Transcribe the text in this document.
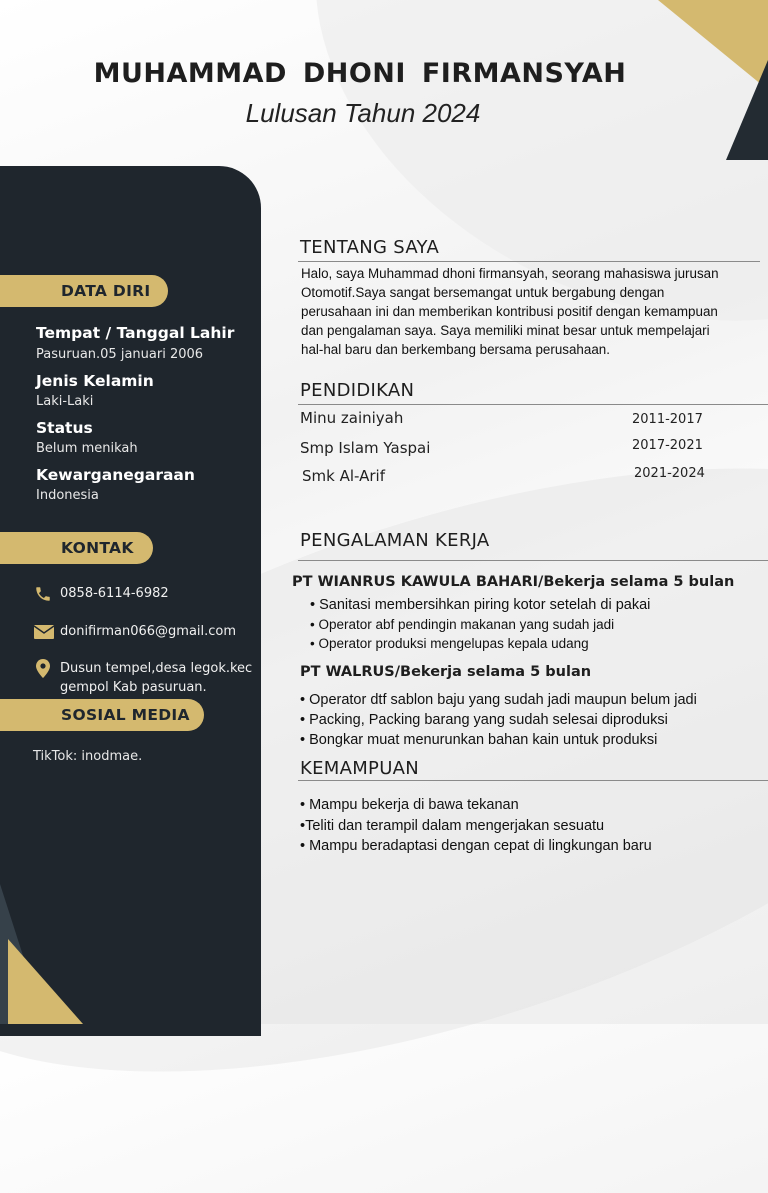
MUHAMMAD DHONI FIRMANSYAH
Lulusan Tahun 2024
DATA DIRI
Tempat / Tanggal Lahir
Pasuruan.05 januari 2006
Jenis Kelamin
Laki-Laki
Status
Belum menikah
Kewarganegaraan
Indonesia
KONTAK
0858-6114-6982
donifirman066@gmail.com
Dusun tempel,desa legok.kec gempol Kab pasuruan.
SOSIAL MEDIA
TikTok: inodmae.
TENTANG SAYA
Halo, saya Muhammad dhoni firmansyah, seorang mahasiswa jurusan Otomotif.Saya sangat bersemangat untuk bergabung dengan perusahaan ini dan memberikan kontribusi positif dengan kemampuan dan pengalaman saya. Saya memiliki minat besar untuk mempelajari hal-hal baru dan berkembang bersama perusahaan.
PENDIDIKAN
Minu zainiyah	2011-2017
Smp Islam Yaspai	2017-2021
Smk Al-Arif	2021-2024
PENGALAMAN KERJA
PT WIANRUS KAWULA BAHARI/Bekerja selama 5 bulan
• Sanitasi membersihkan piring kotor setelah di pakai
• Operator abf pendingin makanan yang sudah jadi
• Operator produksi mengelupas kepala udang
PT WALRUS/Bekerja selama 5 bulan
• Operator dtf sablon baju yang sudah jadi maupun belum jadi
• Packing, Packing barang yang sudah selesai diproduksi
• Bongkar muat menurunkan bahan kain untuk produksi
KEMAMPUAN
• Mampu bekerja di bawa tekanan
•Teliti dan terampil dalam mengerjakan sesuatu
• Mampu beradaptasi dengan cepat di lingkungan baru
